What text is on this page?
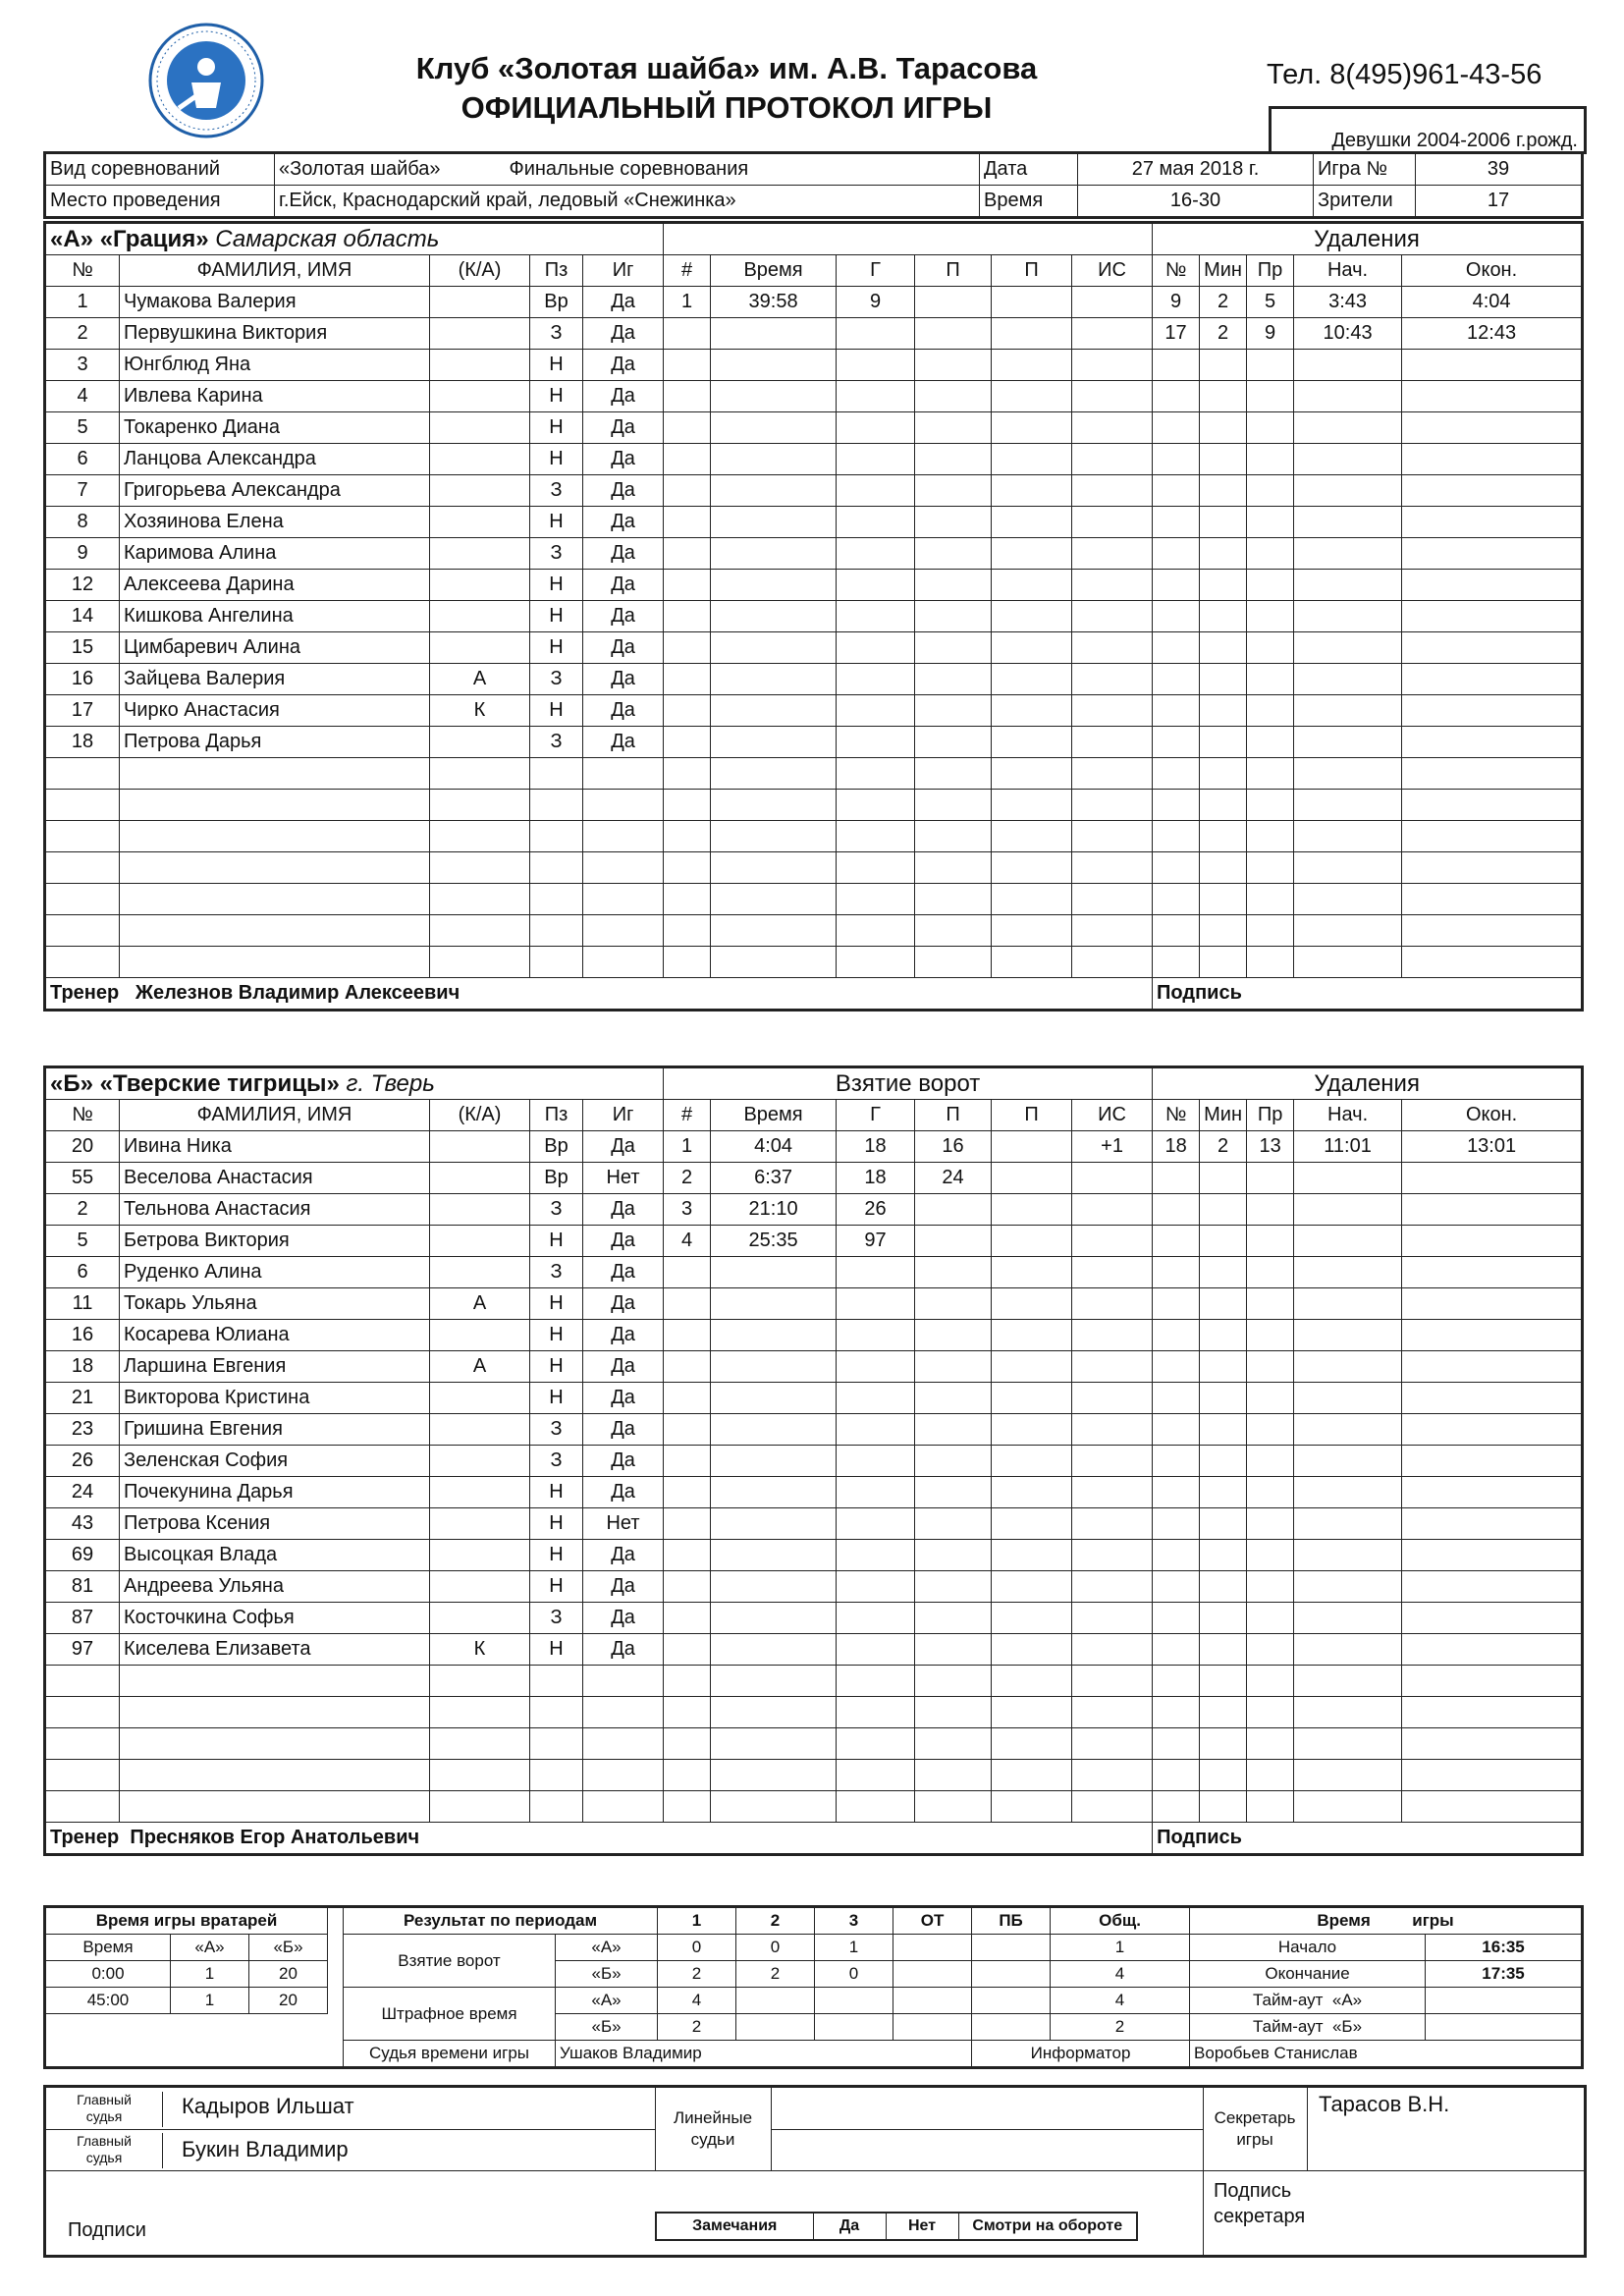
Клуб «Золотая шайба» им. А.В. Тарасова
ОФИЦИАЛЬНЫЙ ПРОТОКОЛ ИГРЫ
Тел. 8(495)961-43-56
Девушки 2004-2006 г.рожд.
Вид соревнований	«Золотая шайба» Финальные соревнования	Дата	27 мая 2018 г.	Игра №	39
Место проведения	г.Ейск, Краснодарский край, ледовый «Снежинка»	Время	16-30	Зрители	17
«А» «Грация» Самарская область											Удаления				
№	ФАМИЛИЯ, ИМЯ	(К/А)	Пз	Иг	#	Время	Г	П	П	ИС	№	Мин	Пр	Нач.	Окон.
1	Чумакова Валерия		Вр	Да	1	39:58	9				9	2	5	3:43	4:04
2	Первушкина Виктория		З	Да							17	2	9	10:43	12:43
3	Юнгблюд Яна		Н	Да											
4	Ивлева Карина		Н	Да											
5	Токаренко Диана		Н	Да											
6	Ланцова Александра		Н	Да											
7	Григорьева Александра		З	Да											
8	Хозяинова Елена		Н	Да											
9	Каримова Алина		З	Да											
12	Алексеева Дарина		Н	Да											
14	Кишкова Ангелина		Н	Да											
15	Цимбаревич Алина		Н	Да											
16	Зайцева Валерия	А	З	Да											
17	Чирко Анастасия	К	Н	Да											
18	Петрова Дарья		З	Да											

Тренер Железнов Владимир Алексеевич											Подпись				
«Б» «Тверские тигрицы» г. Тверь					Взятие ворот						Удаления				
№	ФАМИЛИЯ, ИМЯ	(К/А)	Пз	Иг	#	Время	Г	П	П	ИС	№	Мин	Пр	Нач.	Окон.
20	Ивина Ника		Вр	Да	1	4:04	18	16		+1	18	2	13	11:01	13:01
55	Веселова Анастасия		Вр	Нет	2	6:37	18	24							
2	Тельнова Анастасия		З	Да	3	21:10	26								
5	Бетрова Виктория		Н	Да	4	25:35	97								
6	Руденко Алина		З	Да											
11	Токарь Ульяна	А	Н	Да											
16	Косарева Юлиана		Н	Да											
18	Ларшина Евгения	А	Н	Да											
21	Викторова Кристина		Н	Да											
23	Гришина Евгения		З	Да											
26	Зеленская София		З	Да											
24	Почекунина Дарья		Н	Да											
43	Петрова Ксения		Н	Нет											
69	Высоцкая Влада		Н	Да											
81	Андреева Ульяна		Н	Да											
87	Косточкина Софья		З	Да											
97	Киселева Елизавета	К	Н	Да											

Тренер Пресняков Егор Анатольевич											Подпись				
Время игры вратарей				Результат по периодам		1	2	3	ОТ	ПБ	Общ.	Время игры	
Время	«А»	«Б»		Взятие ворот	«А»	0	0	1			1	Начало	16:35
0:00	1	20			«Б»	2	2	0			4	Окончание	17:35
45:00	1	20		Штрафное время	«А»	4					4	Тайм-аут «А»	
					«Б»	2					2	Тайм-аут «Б»	
				Судья времени игры	Ушаков Владимир					Информатор		Воробьев Станислав	
Главный
судья	Кадыров Ильшат
Главный
судья	Букин Владимир
Линейные
судьи
Секретарь
игры
Тарасов В.Н.
Подпись
секретаря
Подписи	Замечания	Да	Нет	Смотри на обороте
